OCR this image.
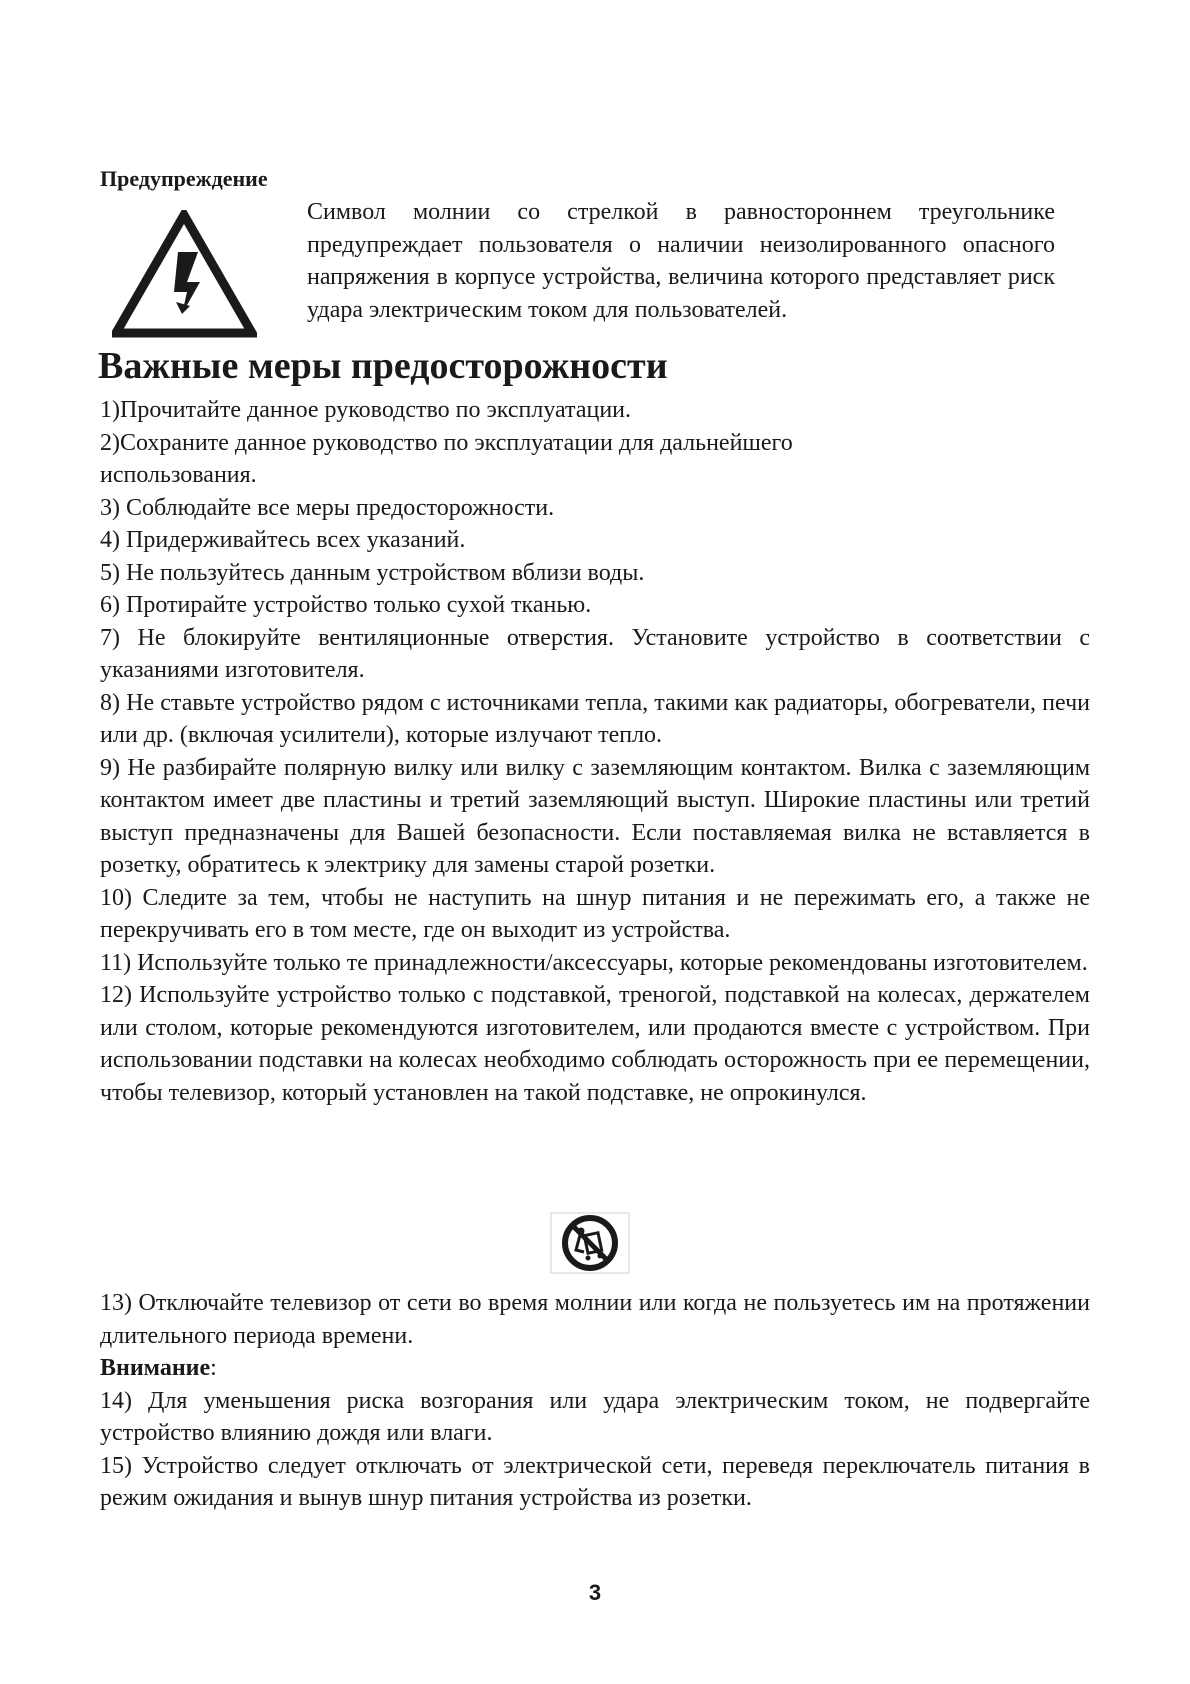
Предупреждение
Символ молнии со стрелкой в равностороннем треугольнике предупреждает пользователя о наличии неизолированного опасного напряжения в корпусе устройства, величина которого представляет риск удара электрическим током для пользователей.
Важные меры предосторожности

1)Прочитайте данное руководство по эксплуатации.

2)Сохраните данное руководство по эксплуатации для дальнейшего использования.

3) Соблюдайте все меры предосторожности.

4) Придерживайтесь всех указаний.

5) Не пользуйтесь данным устройством вблизи воды.

6) Протирайте устройство только сухой тканью.

7) Не блокируйте вентиляционные отверстия. Установите устройство в соответствии с указаниями изготовителя.

8) Не ставьте устройство рядом с источниками тепла, такими как радиаторы, обогреватели, печи или др. (включая усилители), которые излучают тепло.

9) Не разбирайте полярную вилку или вилку с заземляющим контактом. Вилка с заземляющим контактом имеет две пластины и третий заземляющий выступ. Широкие пластины или третий выступ предназначены для Вашей безопасности. Если поставляемая вилка не вставляется в розетку, обратитесь к электрику для замены старой розетки.

10) Следите за тем, чтобы не наступить на шнур питания и не пережимать его, а также не перекручивать его в том месте, где он выходит из устройства.

11) Используйте только те принадлежности/аксессуары, которые рекомендованы изготовителем.

12) Используйте устройство только с подставкой, треногой, подставкой на колесах, держателем или столом, которые рекомендуются изготовителем, или продаются вместе с устройством. При использовании подставки на колесах необходимо соблюдать осторожность при ее перемещении, чтобы телевизор, который установлен на такой подставке, не опрокинулся.

13) Отключайте телевизор от сети во время молнии или когда не пользуетесь им на протяжении длительного периода времени.

Внимание:

14) Для уменьшения риска возгорания или удара электрическим током, не подвергайте устройство влиянию дождя или влаги.

15) Устройство следует отключать от электрической сети, переведя переключатель питания в режим ожидания и вынув шнур питания устройства из розетки.

3
